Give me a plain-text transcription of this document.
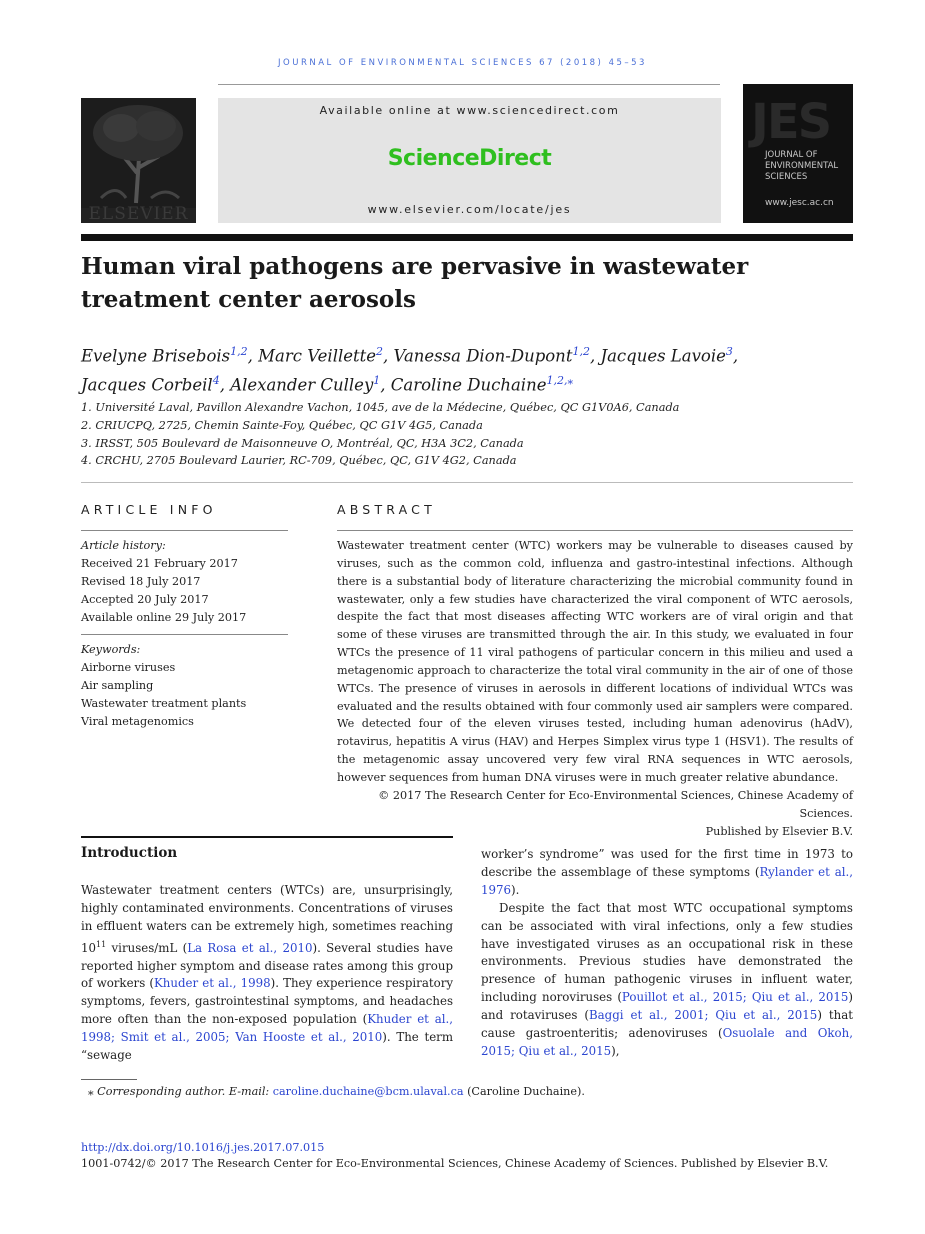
JOURNAL OF ENVIRONMENTAL SCIENCES 67 (2018) 45–53
ELSEVIER
Available online at www.sciencedirect.com
ScienceDirect
www.elsevier.com/locate/jes
JES
JOURNAL OF
ENVIRONMENTAL
SCIENCES
www.jesc.ac.cn
Human viral pathogens are pervasive in wastewater treatment center aerosols
Evelyne Brisebois$^{1,2}$, Marc Veillette$^2$, Vanessa Dion-Dupont$^{1,2}$, Jacques Lavoie$^3$,
Jacques Corbeil$^4$, Alexander Culley$^1$, Caroline Duchaine$^{1,2,⁎}$
1. Université Laval, Pavillon Alexandre Vachon, 1045, ave de la Médecine, Québec, QC G1V0A6, Canada
2. CRIUCPQ, 2725, Chemin Sainte-Foy, Québec, QC G1V 4G5, Canada
3. IRSST, 505 Boulevard de Maisonneuve O, Montréal, QC, H3A 3C2, Canada
4. CRCHU, 2705 Boulevard Laurier, RC-709, Québec, QC, G1V 4G2, Canada
ARTICLE INFO	ABSTRACT
Article history:
Received 21 February 2017
Revised 18 July 2017
Accepted 20 July 2017
Available online 29 July 2017
Keywords:
Airborne viruses
Air sampling
Wastewater treatment plants
Viral metagenomics
Wastewater treatment center (WTC) workers may be vulnerable to diseases caused by viruses, such as the common cold, influenza and gastro-intestinal infections. Although there is a substantial body of literature characterizing the microbial community found in wastewater, only a few studies have characterized the viral component of WTC aerosols, despite the fact that most diseases affecting WTC workers are of viral origin and that some of these viruses are transmitted through the air. In this study, we evaluated in four WTCs the presence of 11 viral pathogens of particular concern in this milieu and used a metagenomic approach to characterize the total viral community in the air of one of those WTCs. The presence of viruses in aerosols in different locations of individual WTCs was evaluated and the results obtained with four commonly used air samplers were compared. We detected four of the eleven viruses tested, including human adenovirus (hAdV), rotavirus, hepatitis A virus (HAV) and Herpes Simplex virus type 1 (HSV1). The results of the metagenomic assay uncovered very few viral RNA sequences in WTC aerosols, however sequences from human DNA viruses were in much greater relative abundance.
© 2017 The Research Center for Eco-Environmental Sciences, Chinese Academy of Sciences.
Published by Elsevier B.V.
Introduction
Wastewater treatment centers (WTCs) are, unsurprisingly, highly contaminated environments. Concentrations of viruses in effluent waters can be extremely high, sometimes reaching $10^{11}$ viruses/mL (La Rosa et al., 2010). Several studies have reported higher symptom and disease rates among this group of workers (Khuder et al., 1998). They experience respiratory symptoms, fevers, gastrointestinal symptoms, and headaches more often than the non-exposed population (Khuder et al., 1998; Smit et al., 2005; Van Hooste et al., 2010). The term “sewage
worker’s syndrome” was used for the first time in 1973 to describe the assemblage of these symptoms (Rylander et al., 1976).
Despite the fact that most WTC occupational symptoms can be associated with viral infections, only a few studies have investigated viruses as an occupational risk in these environments. Previous studies have demonstrated the presence of human pathogenic viruses in influent water, including noroviruses (Pouillot et al., 2015; Qiu et al., 2015) and rotaviruses (Baggi et al., 2001; Qiu et al., 2015) that cause gastroenteritis; adenoviruses (Osuolale and Okoh, 2015; Qiu et al., 2015),
⁎ Corresponding author. E-mail: caroline.duchaine@bcm.ulaval.ca (Caroline Duchaine).
http://dx.doi.org/10.1016/j.jes.2017.07.015
1001-0742/© 2017 The Research Center for Eco-Environmental Sciences, Chinese Academy of Sciences. Published by Elsevier B.V.
